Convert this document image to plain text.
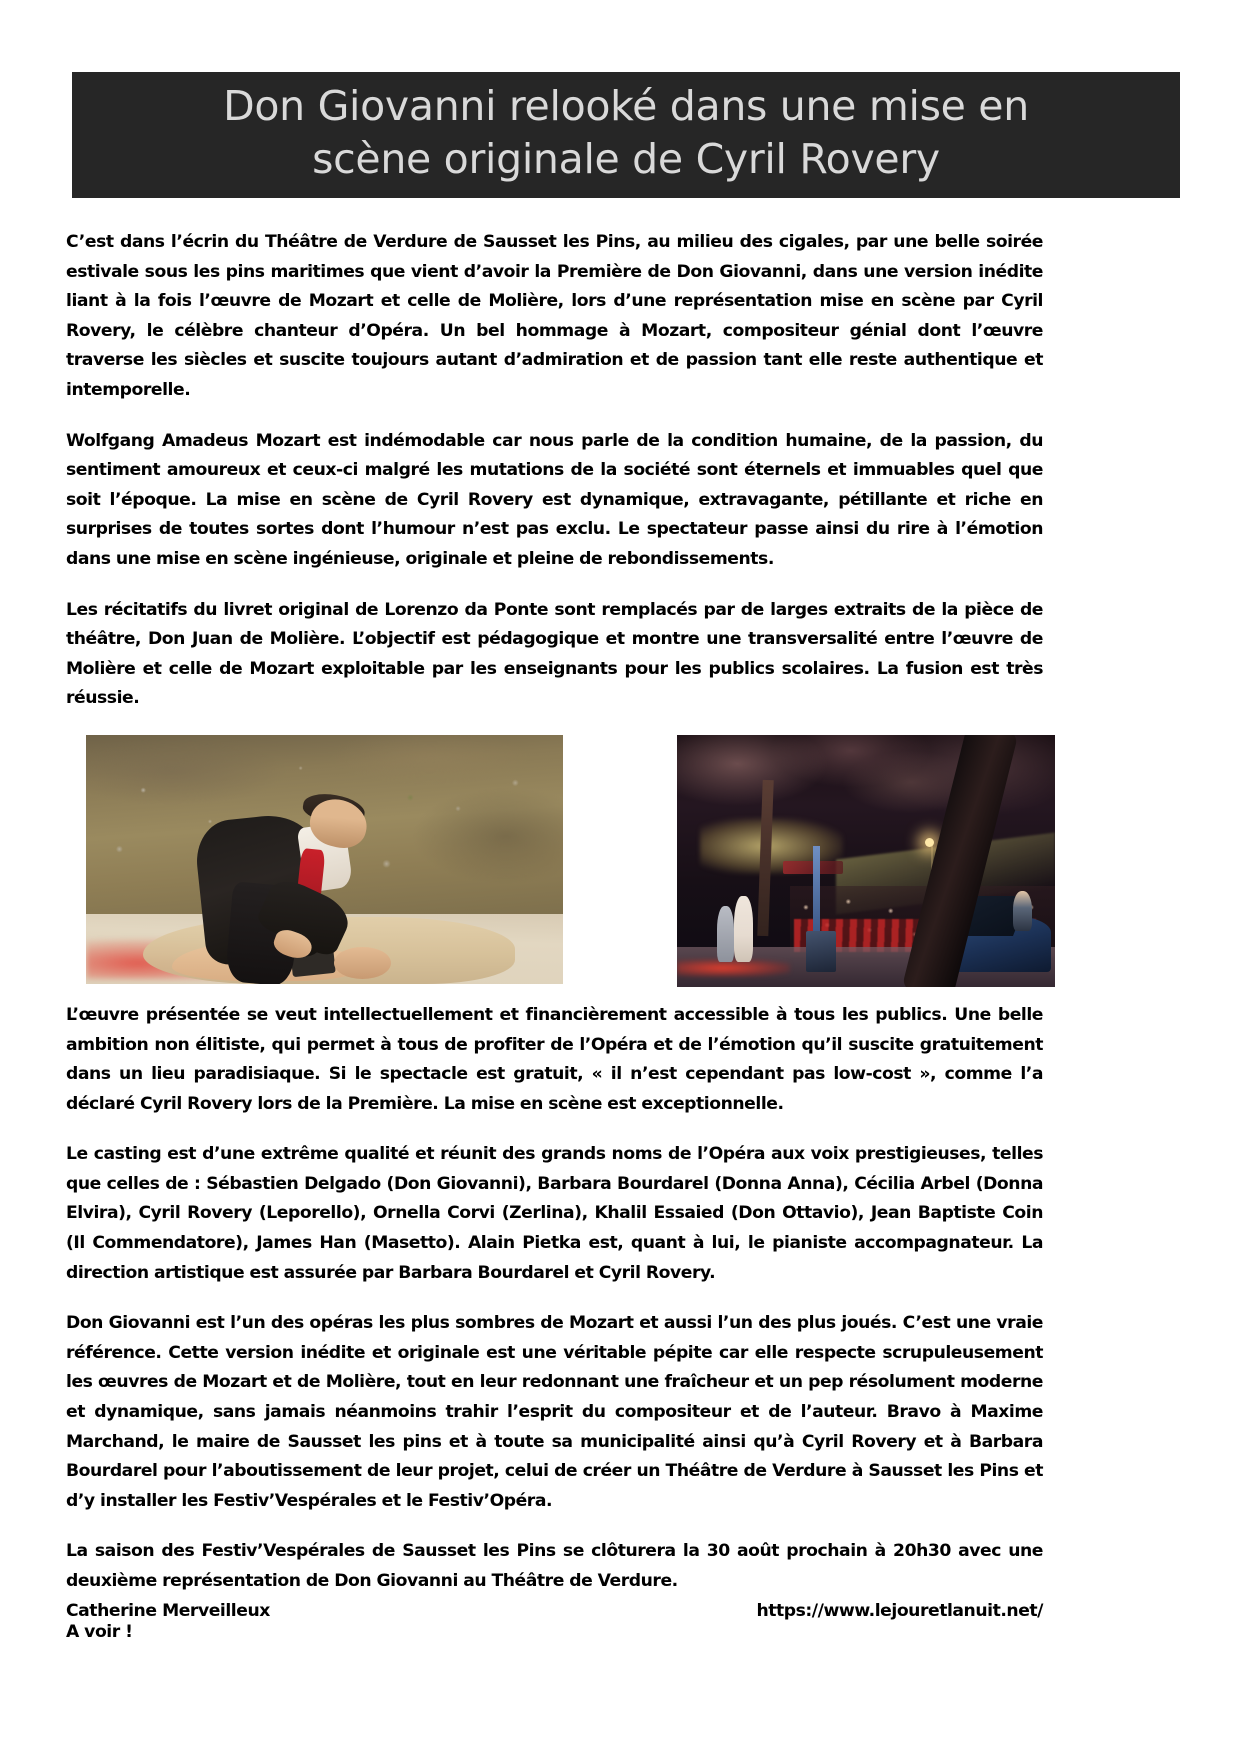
Don Giovanni relooké dans une mise en
scène originale de Cyril Rovery

C’est dans l’écrin du Théâtre de Verdure de Sausset les Pins, au milieu des cigales, par une belle soirée estivale sous les pins maritimes que vient d’avoir la Première de Don Giovanni, dans une version inédite liant à la fois l’œuvre de Mozart et celle de Molière, lors d’une représentation mise en scène par Cyril Rovery, le célèbre chanteur d’Opéra. Un bel hommage à Mozart, compositeur génial dont l’œuvre traverse les siècles et suscite toujours autant d’admiration et de passion tant elle reste authentique et intemporelle.

Wolfgang Amadeus Mozart est indémodable car nous parle de la condition humaine, de la passion, du sentiment amoureux et ceux-ci malgré les mutations de la société sont éternels et immuables quel que soit l’époque. La mise en scène de Cyril Rovery est dynamique, extravagante, pétillante et riche en surprises de toutes sortes dont l’humour n’est pas exclu. Le spectateur passe ainsi du rire à l’émotion dans une mise en scène ingénieuse, originale et pleine de rebondissements.

Les récitatifs du livret original de Lorenzo da Ponte sont remplacés par de larges extraits de la pièce de théâtre, Don Juan de Molière. L’objectif est pédagogique et montre une transversalité entre l’œuvre de Molière et celle de Mozart exploitable par les enseignants pour les publics scolaires. La fusion est très réussie.

L’œuvre présentée se veut intellectuellement et financièrement accessible à tous les publics. Une belle ambition non élitiste, qui permet à tous de profiter de l’Opéra et de l’émotion qu’il suscite gratuitement dans un lieu paradisiaque. Si le spectacle est gratuit, « il n’est cependant pas low-cost », comme l’a déclaré Cyril Rovery lors de la Première. La mise en scène est exceptionnelle.

Le casting est d’une extrême qualité et réunit des grands noms de l’Opéra aux voix prestigieuses, telles que celles de : Sébastien Delgado (Don Giovanni), Barbara Bourdarel (Donna Anna), Cécilia Arbel (Donna Elvira), Cyril Rovery (Leporello), Ornella Corvi (Zerlina), Khalil Essaied (Don Ottavio), Jean Baptiste Coin (Il Commendatore), James Han (Masetto). Alain Pietka est, quant à lui, le pianiste accompagnateur. La direction artistique est assurée par Barbara Bourdarel et Cyril Rovery.

Don Giovanni est l’un des opéras les plus sombres de Mozart et aussi l’un des plus joués. C’est une vraie référence. Cette version inédite et originale est une véritable pépite car elle respecte scrupuleusement les œuvres de Mozart et de Molière, tout en leur redonnant une fraîcheur et un pep résolument moderne et dynamique, sans jamais néanmoins trahir l’esprit du compositeur et de l’auteur. Bravo à Maxime Marchand, le maire de Sausset les pins et à toute sa municipalité ainsi qu’à Cyril Rovery et à Barbara Bourdarel pour l’aboutissement de leur projet, celui de créer un Théâtre de Verdure à Sausset les Pins et d’y installer les Festiv’Vespérales et le Festiv’Opéra.

La saison des Festiv’Vespérales de Sausset les Pins se clôturera la 30 août prochain à 20h30 avec une deuxième représentation de Don Giovanni au Théâtre de Verdure.

A voir !

Catherine Merveilleux	https://www.lejouretlanuit.net/
